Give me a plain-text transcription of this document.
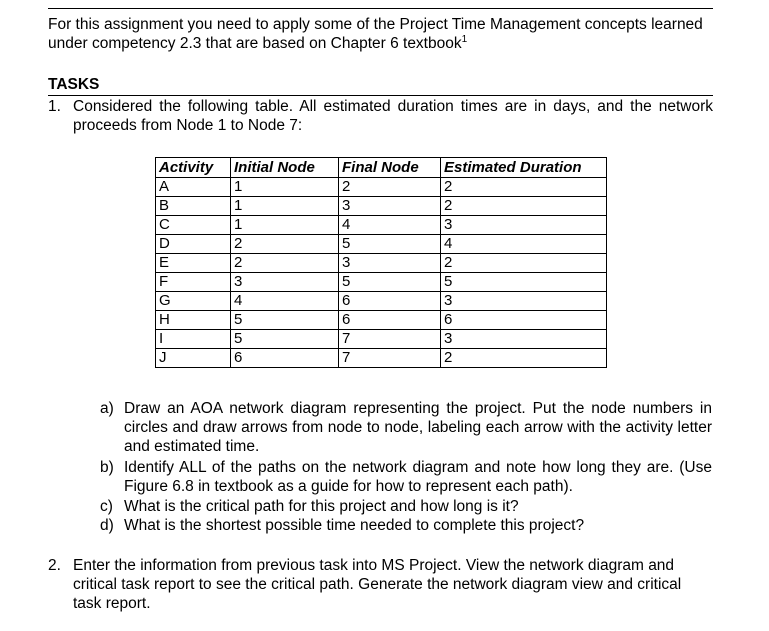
For this assignment you need to apply some of the Project Time Management concepts learned under competency 2.3 that are based on Chapter 6 textbook$^1$
TASKS
1. Considered the following table. All estimated duration times are in days, and the network proceeds from Node 1 to Node 7:
Activity	Initial Node	Final Node	Estimated Duration
A	1	2	2
B	1	3	2
C	1	4	3
D	2	5	4
E	2	3	2
F	3	5	5
G	4	6	3
H	5	6	6
I	5	7	3
J	6	7	2
a) Draw an AOA network diagram representing the project. Put the node numbers in circles and draw arrows from node to node, labeling each arrow with the activity letter and estimated time.
b) Identify ALL of the paths on the network diagram and note how long they are. (Use Figure 6.8 in textbook as a guide for how to represent each path).
c) What is the critical path for this project and how long is it?
d) What is the shortest possible time needed to complete this project?
2. Enter the information from previous task into MS Project. View the network diagram and critical task report to see the critical path. Generate the network diagram view and critical task report.
